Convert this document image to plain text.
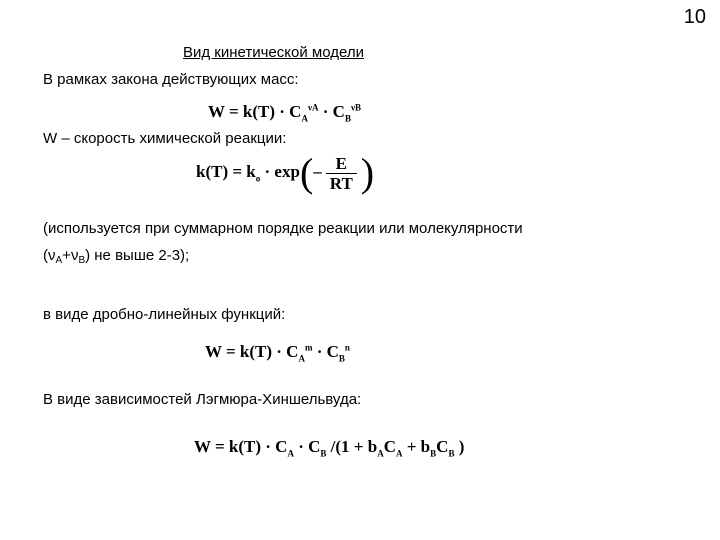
10
Вид кинетической модели
В рамках закона действующих масс:
$W = k(T) \cdot C_A^{\nu A} \cdot C_B^{\nu B}$
W – скорость химической реакции:
$k(T) = k_o \cdot \exp(- \frac{E}{RT}$ )
(используется при суммарном порядке реакции или молекулярности
$(\nu_A+\nu_B)$ не выше 2-3);
в виде дробно-линейных функций:
$W = k(T) \cdot C_A^m \cdot C_B^n$
В виде зависимостей Лэгмюра-Хиншельвуда:
$W = k(T) \cdot C_A \cdot C_B$ $/(1 + b_AC_A + b_BC_B$ )
